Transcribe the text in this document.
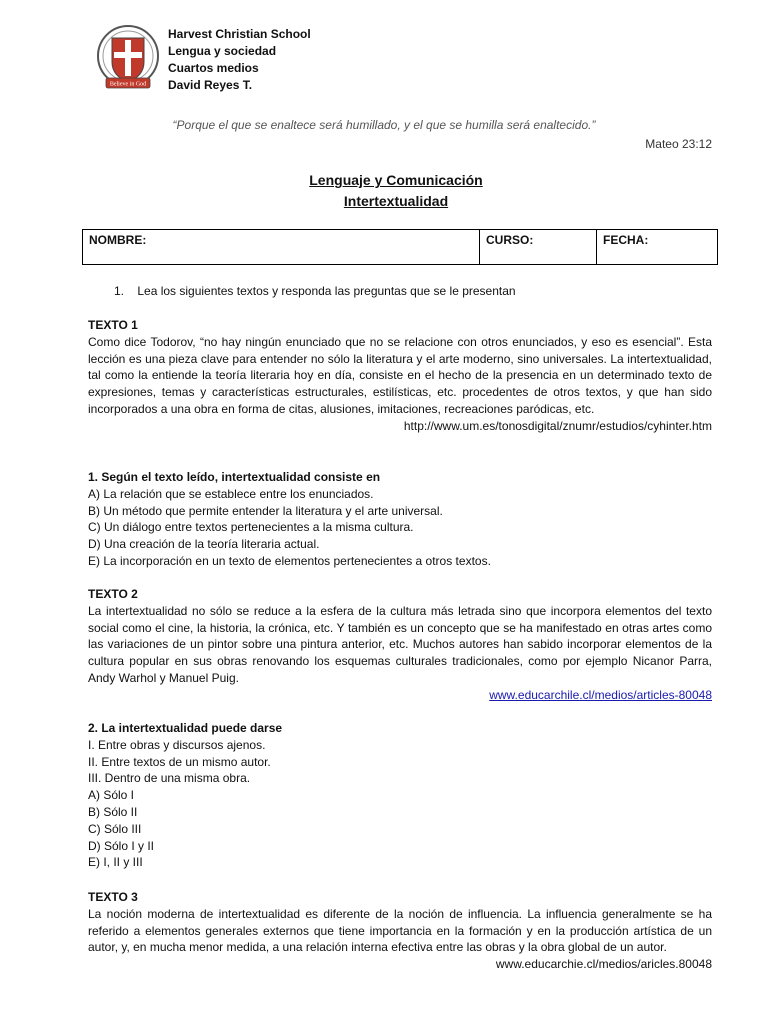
Believe in God
Harvest Christian School
Lengua y sociedad
Cuartos medios
David Reyes T.
“Porque el que se enaltece será humillado, y el que se humilla será enaltecido.”
Mateo 23:12
Lenguaje y Comunicación
Intertextualidad
NOMBRE:	CURSO:	FECHA:
1. Lea los siguientes textos y responda las preguntas que se le presentan
TEXTO 1
Como dice Todorov, “no hay ningún enunciado que no se relacione con otros enunciados, y eso es esencial”. Esta lección es una pieza clave para entender no sólo la literatura y el arte moderno, sino universales. La intertextualidad, tal como la entiende la teoría literaria hoy en día, consiste en el hecho de la presencia en un determinado texto de expresiones, temas y características estructurales, estilísticas, etc. procedentes de otros textos, y que han sido incorporados a una obra en forma de citas, alusiones, imitaciones, recreaciones paródicas, etc.
http://www.um.es/tonosdigital/znumr/estudios/cyhinter.htm
1. Según el texto leído, intertextualidad consiste en
A) La relación que se establece entre los enunciados.
B) Un método que permite entender la literatura y el arte universal.
C) Un diálogo entre textos pertenecientes a la misma cultura.
D) Una creación de la teoría literaria actual.
E) La incorporación en un texto de elementos pertenecientes a otros textos.
TEXTO 2
La intertextualidad no sólo se reduce a la esfera de la cultura más letrada sino que incorpora elementos del texto social como el cine, la historia, la crónica, etc. Y también es un concepto que se ha manifestado en otras artes como las variaciones de un pintor sobre una pintura anterior, etc. Muchos autores han sabido incorporar elementos de la cultura popular en sus obras renovando los esquemas culturales tradicionales, como por ejemplo Nicanor Parra, Andy Warhol y Manuel Puig.
www.educarchile.cl/medios/articles-80048
2. La intertextualidad puede darse
I. Entre obras y discursos ajenos.
II. Entre textos de un mismo autor.
III. Dentro de una misma obra.
A) Sólo I
B) Sólo II
C) Sólo III
D) Sólo I y II
E) I, II y III
TEXTO 3
La noción moderna de intertextualidad es diferente de la noción de influencia. La influencia generalmente se ha referido a elementos generales externos que tiene importancia en la formación y en la producción artística de un autor, y, en mucha menor medida, a una relación interna efectiva entre las obras y la obra global de un autor.
www.educarchie.cl/medios/aricles.80048
